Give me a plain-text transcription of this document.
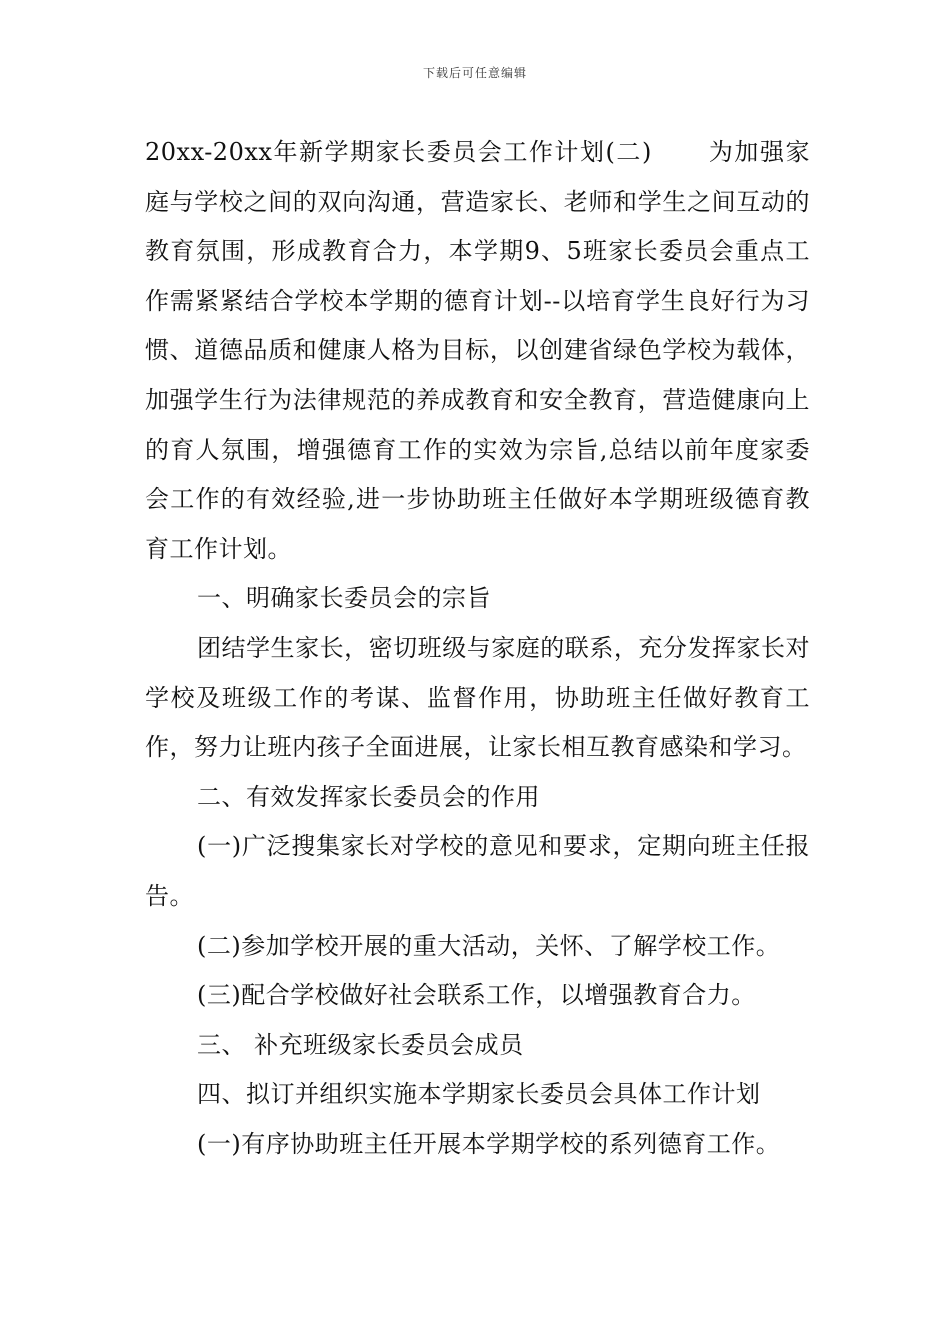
下载后可任意编辑

20xx-20xx年新学期家长委员会工作计划(二) 为加强家庭与学校之间的双向沟通，营造家长、老师和学生之间互动的教育氛围，形成教育合力，本学期9、5班家长委员会重点工作需紧紧结合学校本学期的德育计划--以培育学生良好行为习惯、道德品质和健康人格为目标，以创建省绿色学校为载体，加强学生行为法律规范的养成教育和安全教育，营造健康向上的育人氛围，增强德育工作的实效为宗旨,总结以前年度家委会工作的有效经验,进一步协助班主任做好本学期班级德育教育工作计划。

一、明确家长委员会的宗旨

团结学生家长，密切班级与家庭的联系，充分发挥家长对学校及班级工作的考谋、监督作用，协助班主任做好教育工作，努力让班内孩子全面进展，让家长相互教育感染和学习。

二、有效发挥家长委员会的作用

(一)广泛搜集家长对学校的意见和要求，定期向班主任报告。

(二)参加学校开展的重大活动，关怀、了解学校工作。

(三)配合学校做好社会联系工作，以增强教育合力。

三、 补充班级家长委员会成员

四、拟订并组织实施本学期家长委员会具体工作计划

(一)有序协助班主任开展本学期学校的系列德育工作。
